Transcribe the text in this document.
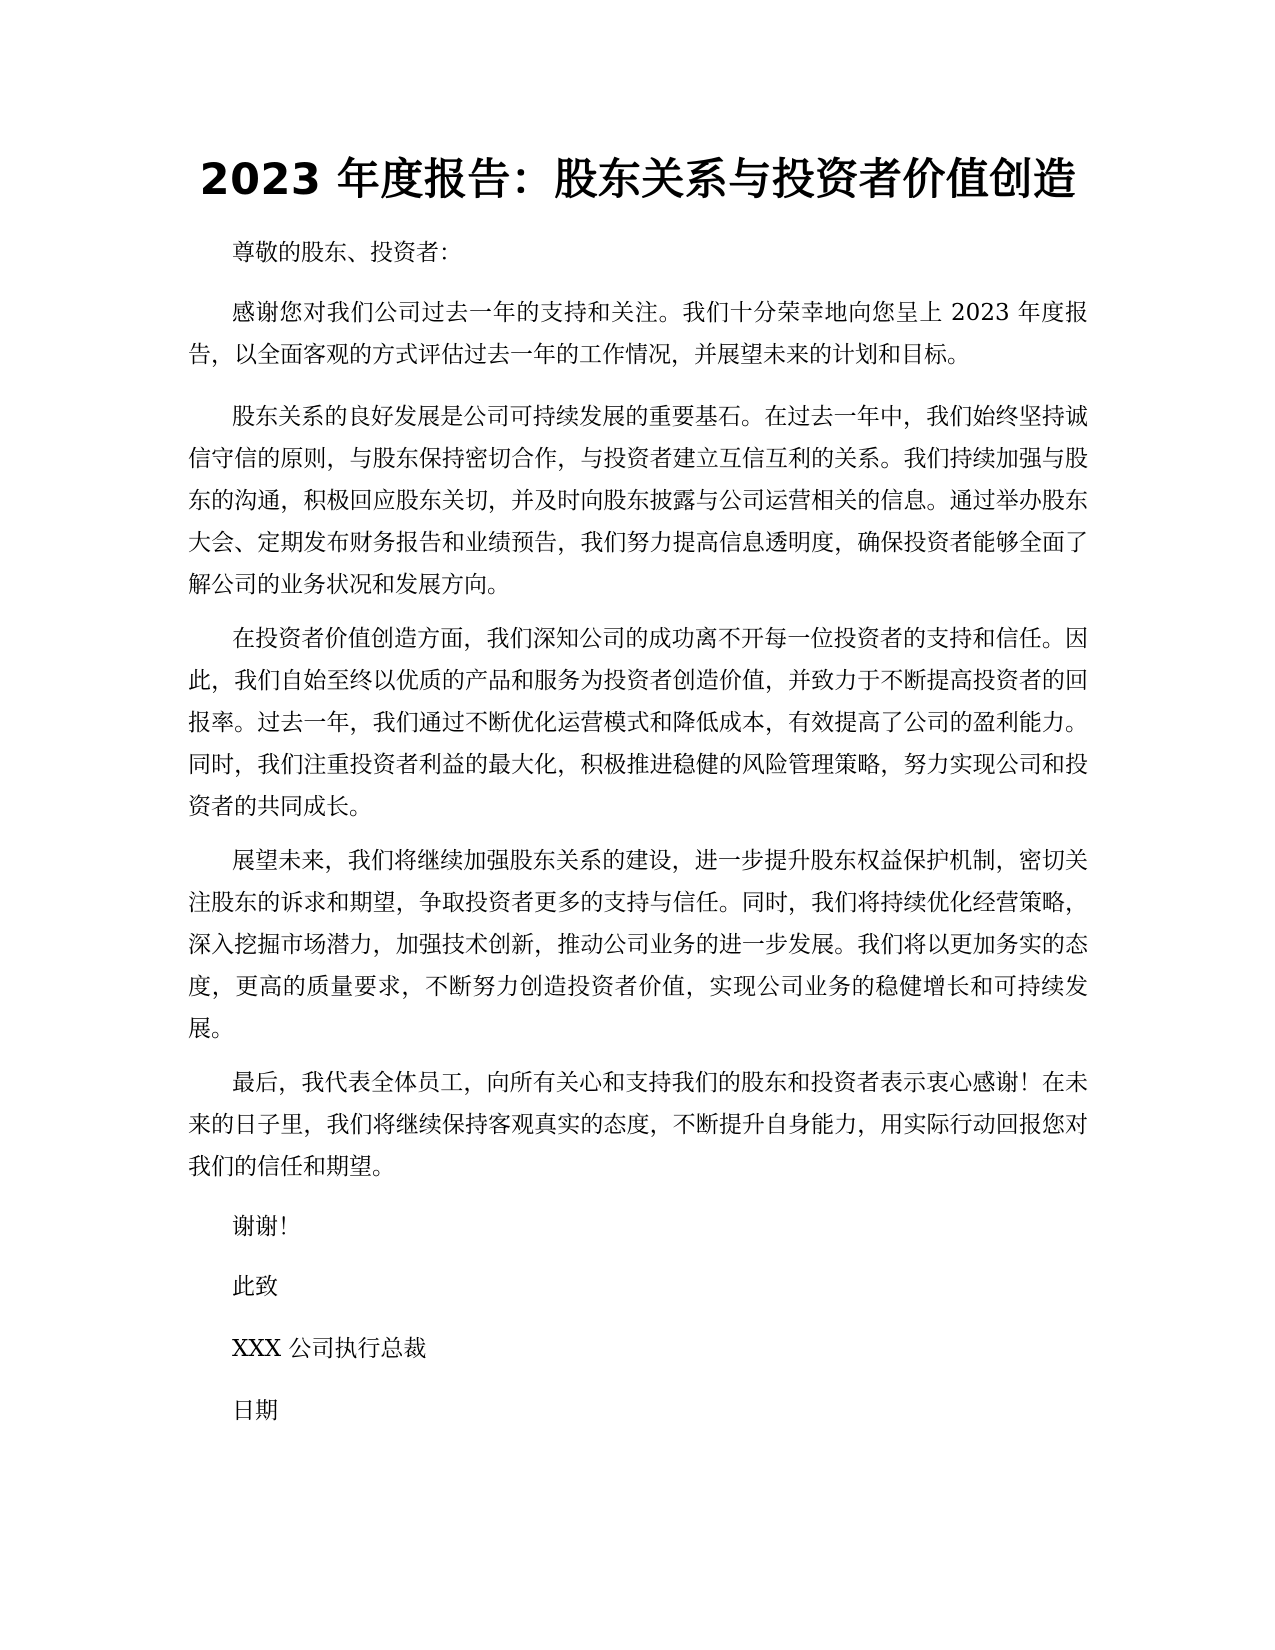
2023 年度报告：股东关系与投资者价值创造

尊敬的股东、投资者：

感谢您对我们公司过去一年的支持和关注。我们十分荣幸地向您呈上 2023 年度报告，以全面客观的方式评估过去一年的工作情况，并展望未来的计划和目标。

股东关系的良好发展是公司可持续发展的重要基石。在过去一年中，我们始终坚持诚信守信的原则，与股东保持密切合作，与投资者建立互信互利的关系。我们持续加强与股东的沟通，积极回应股东关切，并及时向股东披露与公司运营相关的信息。通过举办股东大会、定期发布财务报告和业绩预告，我们努力提高信息透明度，确保投资者能够全面了解公司的业务状况和发展方向。

在投资者价值创造方面，我们深知公司的成功离不开每一位投资者的支持和信任。因此，我们自始至终以优质的产品和服务为投资者创造价值，并致力于不断提高投资者的回报率。过去一年，我们通过不断优化运营模式和降低成本，有效提高了公司的盈利能力。同时，我们注重投资者利益的最大化，积极推进稳健的风险管理策略，努力实现公司和投资者的共同成长。

展望未来，我们将继续加强股东关系的建设，进一步提升股东权益保护机制，密切关注股东的诉求和期望，争取投资者更多的支持与信任。同时，我们将持续优化经营策略，深入挖掘市场潜力，加强技术创新，推动公司业务的进一步发展。我们将以更加务实的态度，更高的质量要求，不断努力创造投资者价值，实现公司业务的稳健增长和可持续发展。

最后，我代表全体员工，向所有关心和支持我们的股东和投资者表示衷心感谢！在未来的日子里，我们将继续保持客观真实的态度，不断提升自身能力，用实际行动回报您对我们的信任和期望。

谢谢！

此致

XXX 公司执行总裁

日期
